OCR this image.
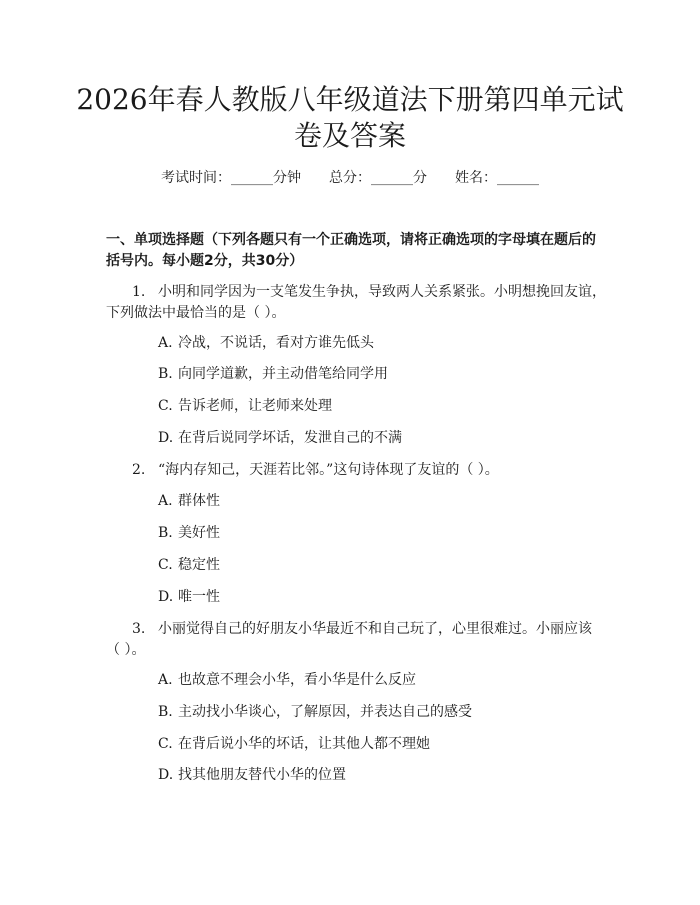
2026年春人教版八年级道法下册第四单元试
卷及答案
考试时间：______分钟 总分：______分 姓名：______

一、单项选择题（下列各题只有一个正确选项，请将正确选项的字母填在题后的

括号内。每小题2分，共30分）

1. 小明和同学因为一支笔发生争执，导致两人关系紧张。小明想挽回友谊，
下列做法中最恰当的是（ ）。
A. 冷战，不说话，看对方谁先低头
B. 向同学道歉，并主动借笔给同学用
C. 告诉老师，让老师来处理
D. 在背后说同学坏话，发泄自己的不满
2. “海内存知己，天涯若比邻。”这句诗体现了友谊的（ ）。
A. 群体性
B. 美好性
C. 稳定性
D. 唯一性
3. 小丽觉得自己的好朋友小华最近不和自己玩了，心里很难过。小丽应该
（ ）。
A. 也故意不理会小华，看小华是什么反应
B. 主动找小华谈心，了解原因，并表达自己的感受
C. 在背后说小华的坏话，让其他人都不理她
D. 找其他朋友替代小华的位置
